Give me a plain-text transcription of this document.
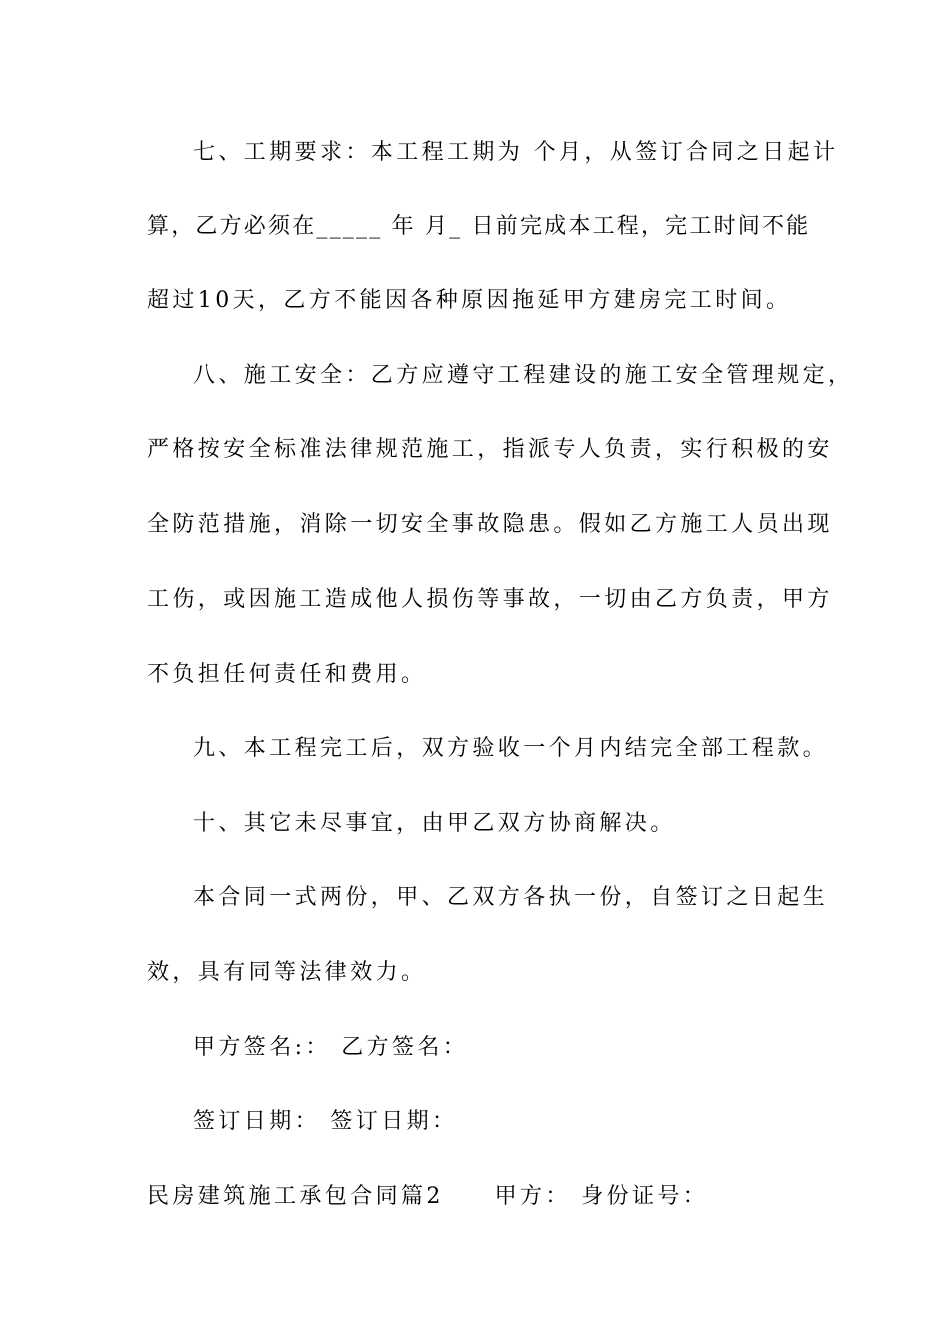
七、工期要求：本工程工期为 个月，从签订合同之日起计
算，乙方必须在_____ 年 月_ 日前完成本工程，完工时间不能
超过10天，乙方不能因各种原因拖延甲方建房完工时间。
八、施工安全：乙方应遵守工程建设的施工安全管理规定，
严格按安全标准法律规范施工，指派专人负责，实行积极的安
全防范措施，消除一切安全事故隐患。假如乙方施工人员出现
工伤，或因施工造成他人损伤等事故，一切由乙方负责，甲方
不负担任何责任和费用。
九、本工程完工后，双方验收一个月内结完全部工程款。
十、其它未尽事宜，由甲乙双方协商解决。
本合同一式两份，甲、乙双方各执一份，自签订之日起生
效，具有同等法律效力。
甲方签名:： 乙方签名：
签订日期： 签订日期：
民房建筑施工承包合同篇2　　甲方： 身份证号：
